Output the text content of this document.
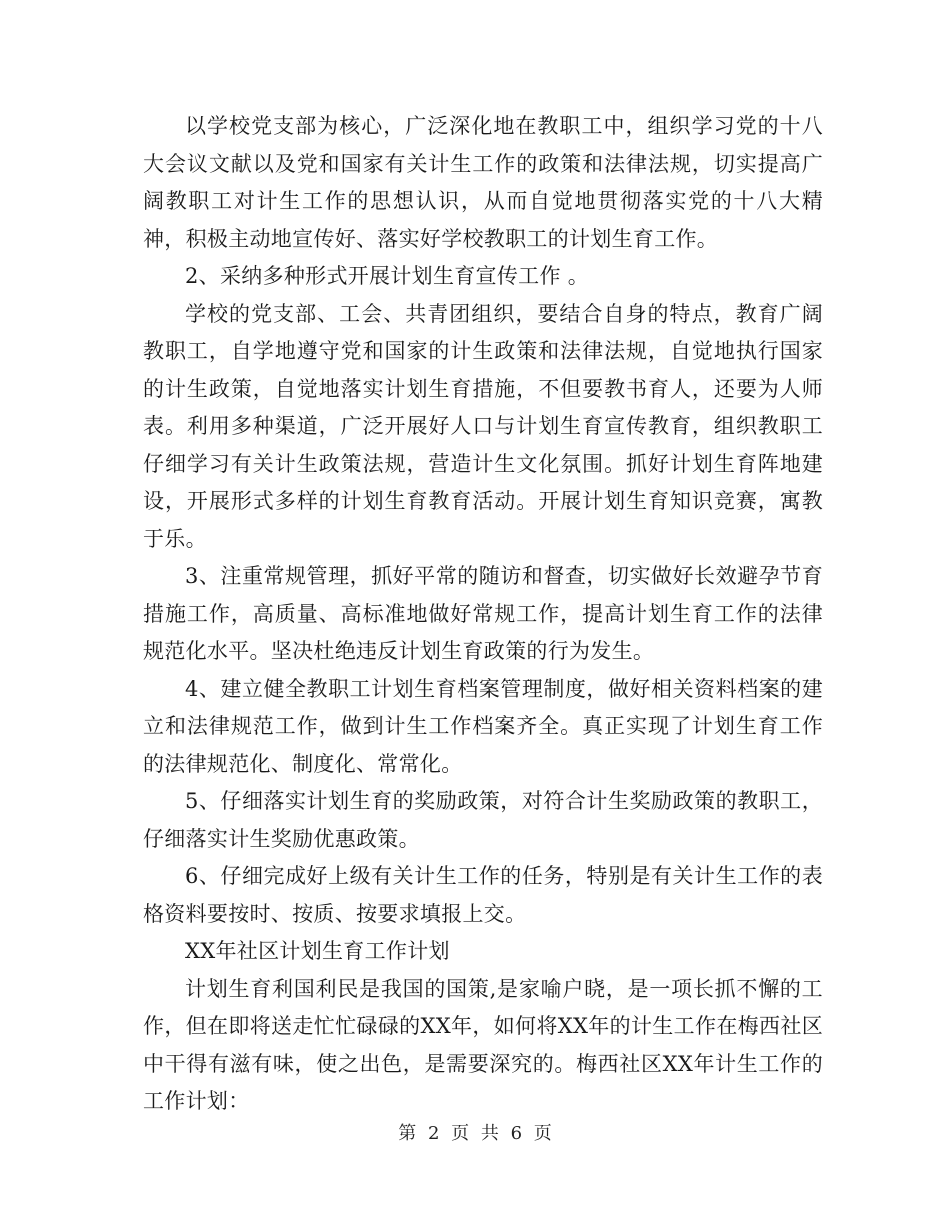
以学校党支部为核心，广泛深化地在教职工中，组织学习党的十八大会议文献以及党和国家有关计生工作的政策和法律法规，切实提高广阔教职工对计生工作的思想认识，从而自觉地贯彻落实党的十八大精神，积极主动地宣传好、落实好学校教职工的计划生育工作。

2、采纳多种形式开展计划生育宣传工作 。

学校的党支部、工会、共青团组织，要结合自身的特点，教育广阔教职工，自学地遵守党和国家的计生政策和法律法规，自觉地执行国家的计生政策，自觉地落实计划生育措施，不但要教书育人，还要为人师表。利用多种渠道，广泛开展好人口与计划生育宣传教育，组织教职工仔细学习有关计生政策法规，营造计生文化氛围。抓好计划生育阵地建设，开展形式多样的计划生育教育活动。开展计划生育知识竞赛，寓教于乐。

3、注重常规管理，抓好平常的随访和督查，切实做好长效避孕节育措施工作，高质量、高标准地做好常规工作，提高计划生育工作的法律规范化水平。坚决杜绝违反计划生育政策的行为发生。

4、建立健全教职工计划生育档案管理制度，做好相关资料档案的建立和法律规范工作，做到计生工作档案齐全。真正实现了计划生育工作的法律规范化、制度化、常常化。

5、仔细落实计划生育的奖励政策，对符合计生奖励政策的教职工，仔细落实计生奖励优惠政策。

6、仔细完成好上级有关计生工作的任务，特别是有关计生工作的表格资料要按时、按质、按要求填报上交。

XX年社区计划生育工作计划

计划生育利国利民是我国的国策,是家喻户晓，是一项长抓不懈的工作，但在即将送走忙忙碌碌的XX年，如何将XX年的计生工作在梅西社区中干得有滋有味，使之出色，是需要深究的。梅西社区XX年计生工作的工作计划：

第 2 页 共 6 页
